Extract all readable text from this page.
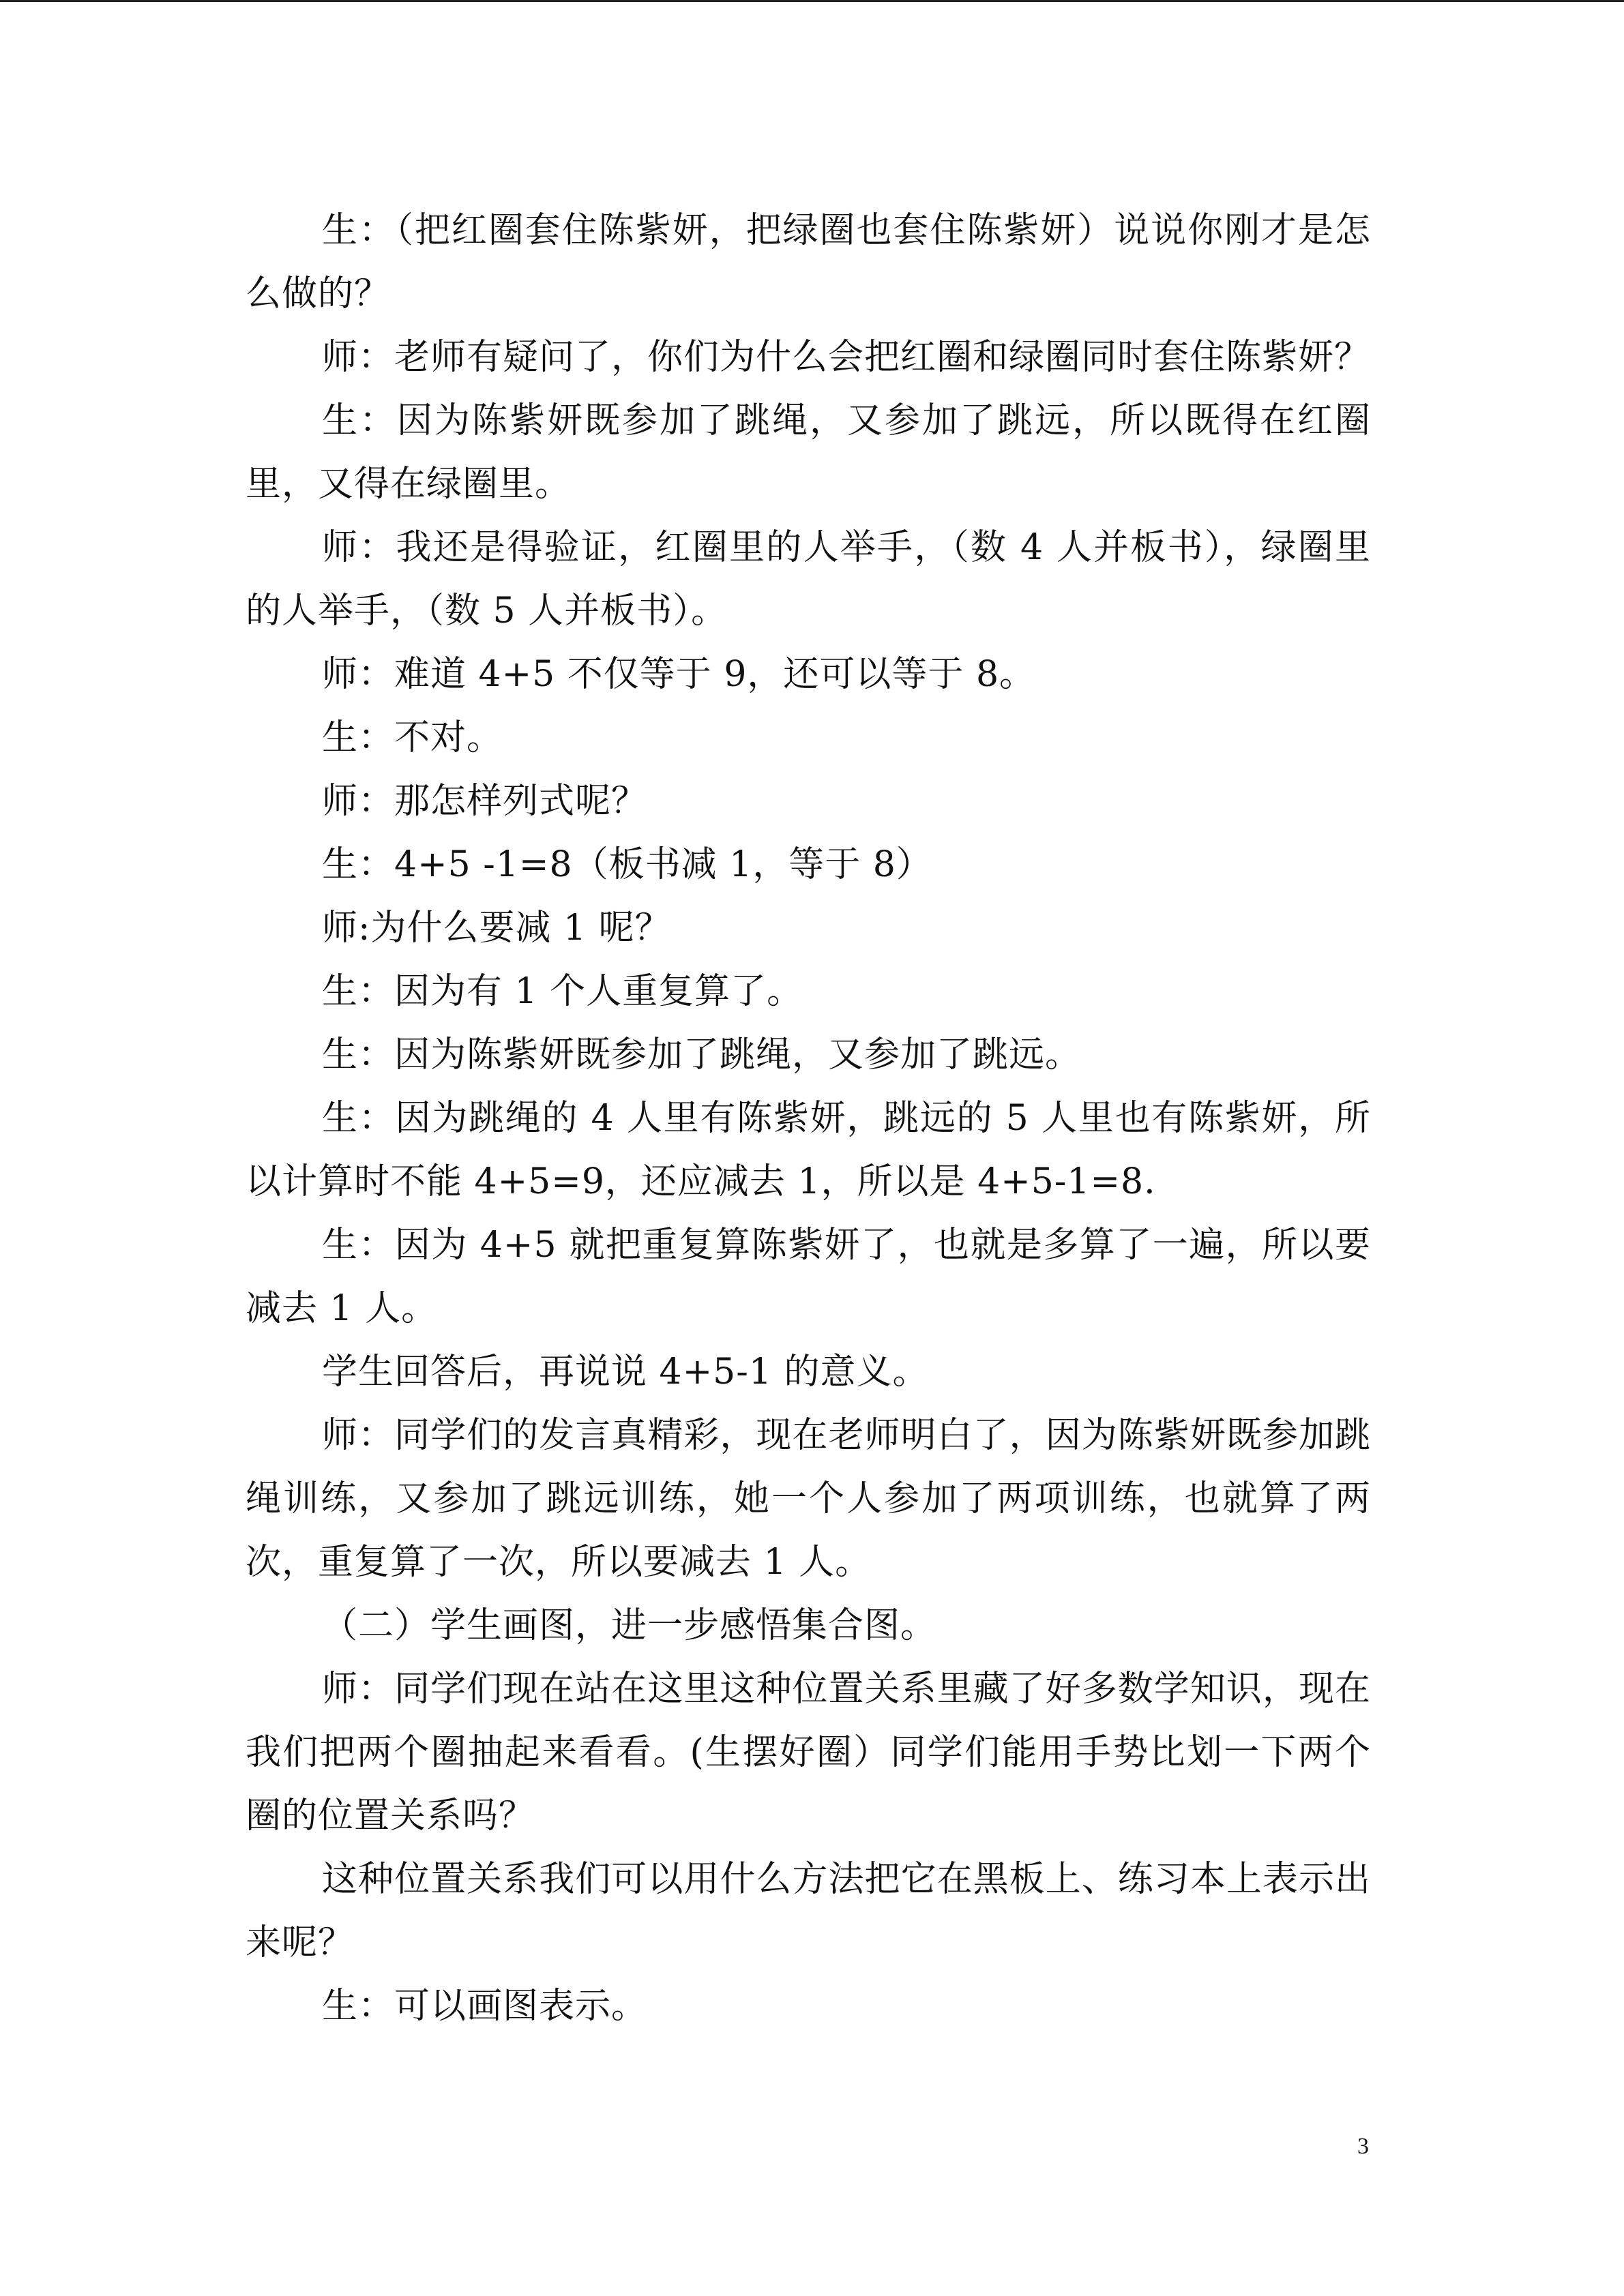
生：（把红圈套住陈紫妍，把绿圈也套住陈紫妍）说说你刚才是怎么做的？

师：老师有疑问了，你们为什么会把红圈和绿圈同时套住陈紫妍？

生：因为陈紫妍既参加了跳绳，又参加了跳远，所以既得在红圈里，又得在绿圈里。

师：我还是得验证，红圈里的人举手，（数 4 人并板书），绿圈里的人举手，（数 5 人并板书）。

师：难道 4+5 不仅等于 9，还可以等于 8。

生：不对。

师：那怎样列式呢？

生：4+5 -1=8（板书减 1，等于 8）

师:为什么要减 1 呢？

生：因为有 1 个人重复算了。

生：因为陈紫妍既参加了跳绳，又参加了跳远。

生：因为跳绳的 4 人里有陈紫妍，跳远的 5 人里也有陈紫妍，所以计算时不能 4+5=9，还应减去 1，所以是 4+5-1=8.

生：因为 4+5 就把重复算陈紫妍了，也就是多算了一遍，所以要减去 1 人。

学生回答后，再说说 4+5-1 的意义。

师：同学们的发言真精彩，现在老师明白了，因为陈紫妍既参加跳绳训练，又参加了跳远训练，她一个人参加了两项训练，也就算了两次，重复算了一次，所以要减去 1 人。

（二）学生画图，进一步感悟集合图。

师：同学们现在站在这里这种位置关系里藏了好多数学知识，现在我们把两个圈抽起来看看。(生摆好圈）同学们能用手势比划一下两个圈的位置关系吗？

这种位置关系我们可以用什么方法把它在黑板上、练习本上表示出来呢？

生：可以画图表示。

3
